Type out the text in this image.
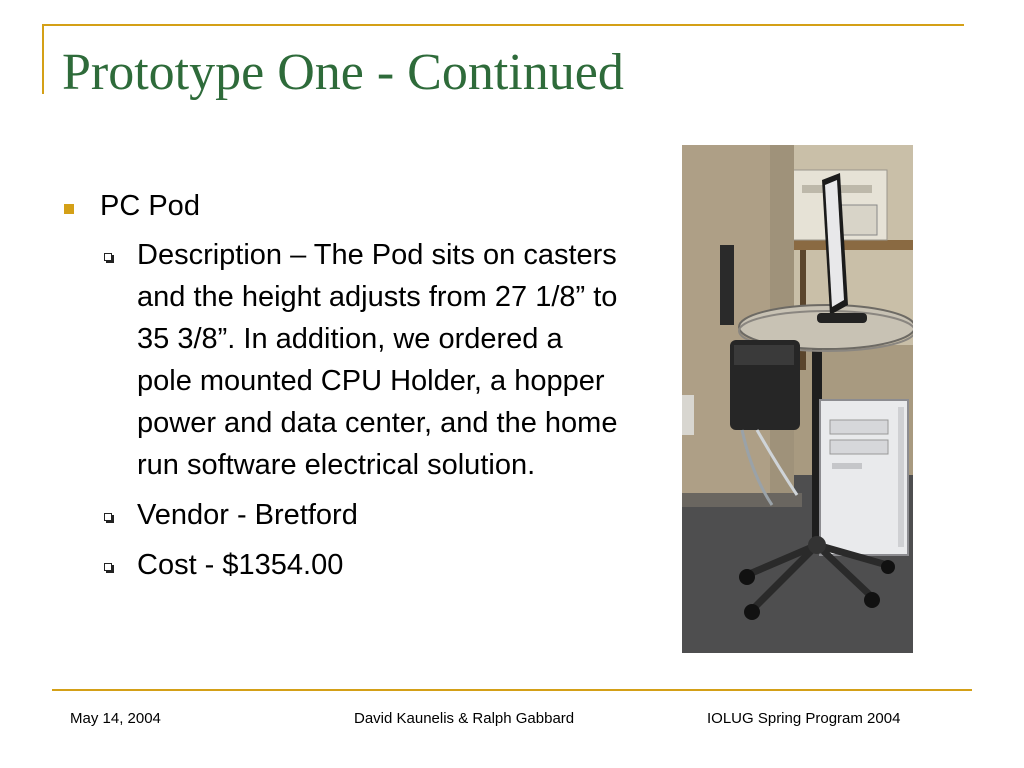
Prototype One - Continued
PC Pod
Description – The Pod sits on casters and the height adjusts from 27 1/8” to 35 3/8”. In addition, we ordered a pole mounted CPU Holder, a hopper power and data center, and the home run software electrical solution.
Vendor - Bretford
Cost - $1354.00
May 14, 2004	David Kaunelis & Ralph Gabbard	IOLUG Spring Program 2004
